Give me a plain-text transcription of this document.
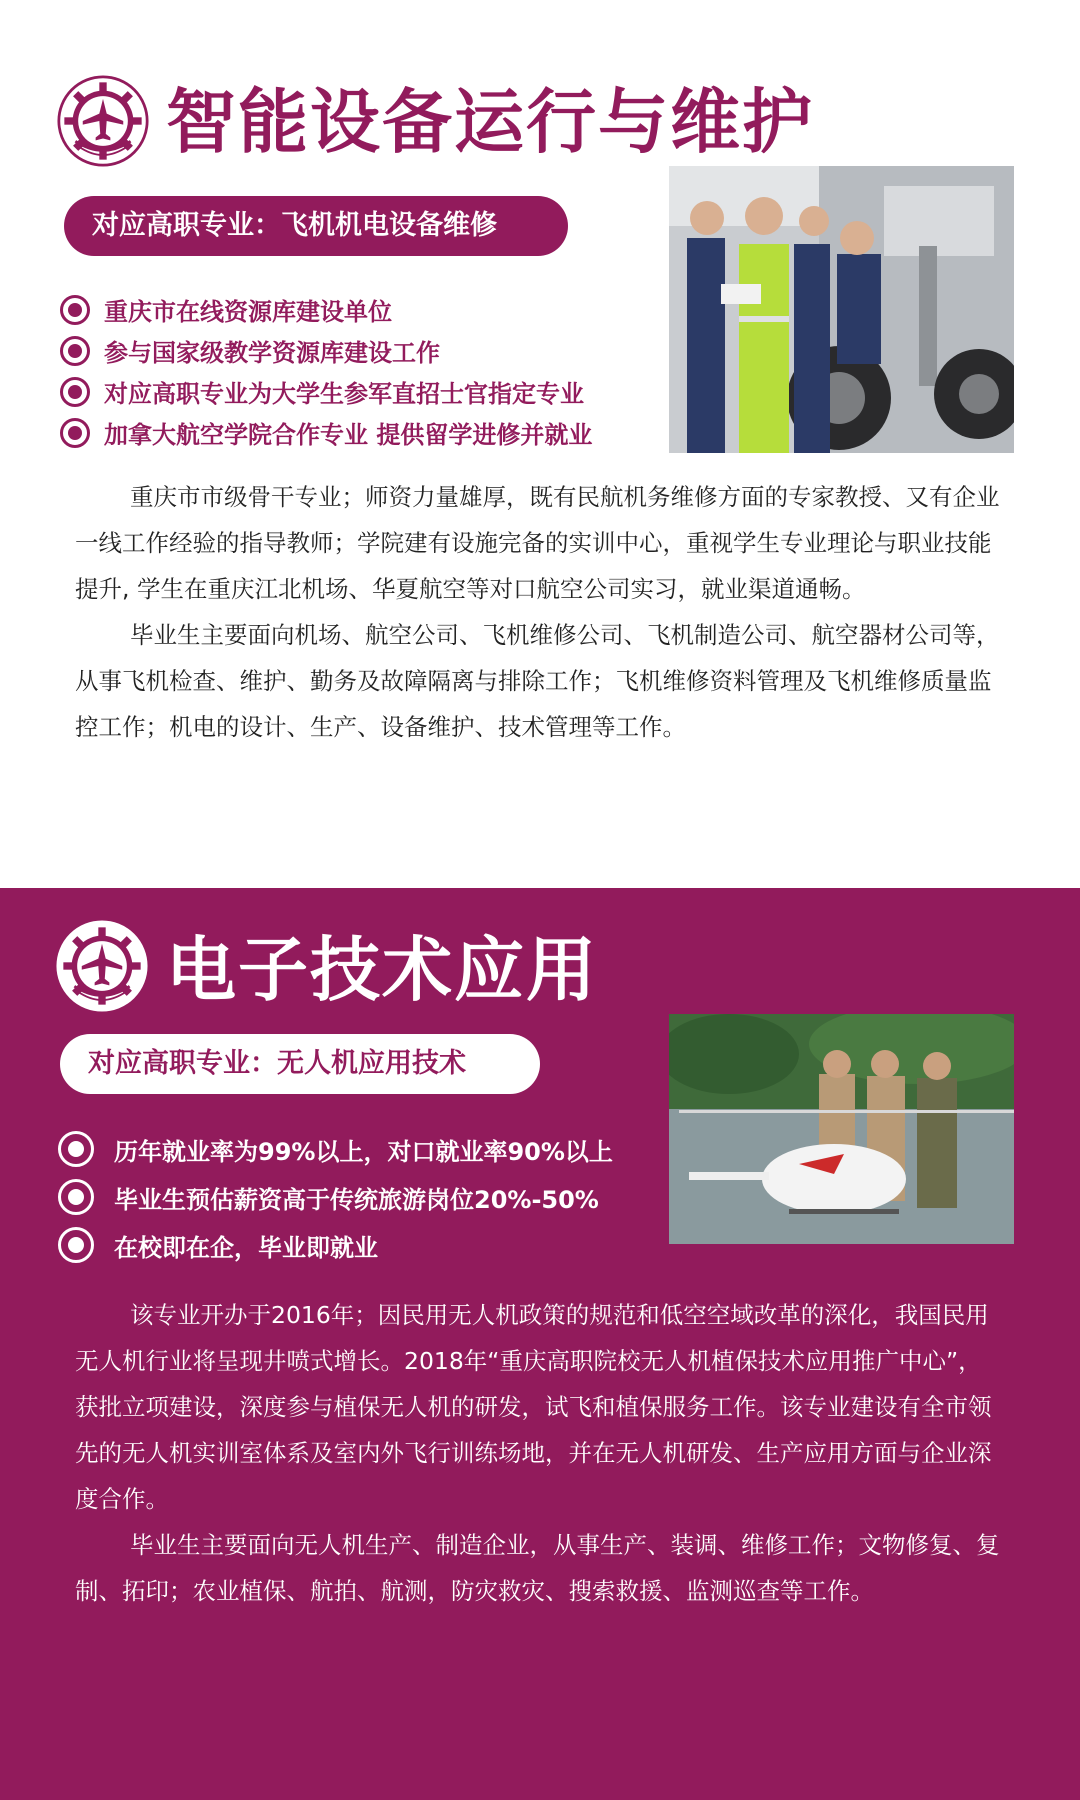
智能设备运行与维护
对应高职专业：飞机机电设备维修
重庆市在线资源库建设单位
参与国家级教学资源库建设工作
对应高职专业为大学生参军直招士官指定专业
加拿大航空学院合作专业 提供留学进修并就业

重庆市市级骨干专业；师资力量雄厚，既有民航机务维修方面的专家教授、又有企业一线工作经验的指导教师；学院建有设施完备的实训中心，重视学生专业理论与职业技能提升, 学生在重庆江北机场、华夏航空等对口航空公司实习，就业渠道通畅。

毕业生主要面向机场、航空公司、飞机维修公司、飞机制造公司、航空器材公司等，从事飞机检查、维护、勤务及故障隔离与排除工作；飞机维修资料管理及飞机维修质量监控工作；机电的设计、生产、设备维护、技术管理等工作。

电子技术应用
对应高职专业：无人机应用技术
历年就业率为99%以上，对口就业率90%以上
毕业生预估薪资高于传统旅游岗位20%-50%
在校即在企，毕业即就业

该专业开办于2016年；因民用无人机政策的规范和低空空域改革的深化，我国民用无人机行业将呈现井喷式增长。2018年“重庆高职院校无人机植保技术应用推广中心”，获批立项建设，深度参与植保无人机的研发，试飞和植保服务工作。该专业建设有全市领先的无人机实训室体系及室内外飞行训练场地，并在无人机研发、生产应用方面与企业深度合作。

毕业生主要面向无人机生产、制造企业，从事生产、装调、维修工作；文物修复、复制、拓印；农业植保、航拍、航测，防灾救灾、搜索救援、监测巡查等工作。
